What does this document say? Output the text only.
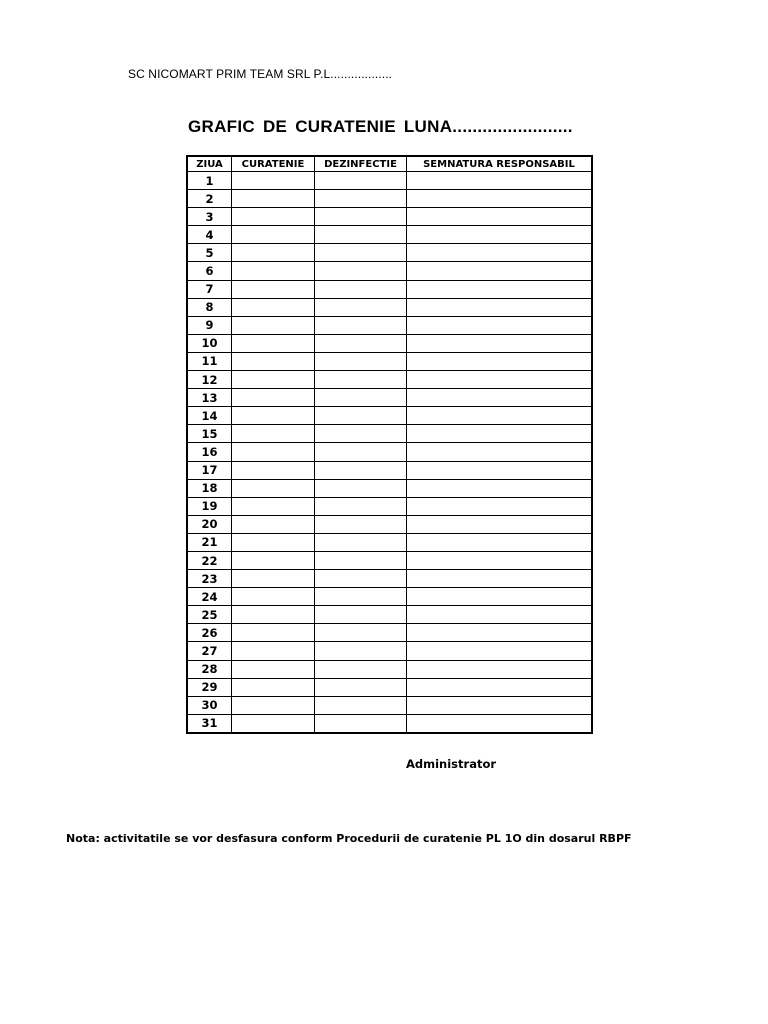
SC NICOMART PRIM TEAM SRL P.L..................
GRAFIC DE CURATENIE LUNA........................
ZIUA	CURATENIE	DEZINFECTIE	SEMNATURA RESPONSABIL
1			
2			
3			
4			
5			
6			
7			
8			
9			
10			
11			
12			
13			
14			
15			
16			
17			
18			
19			
20			
21			
22			
23			
24			
25			
26			
27			
28			
29			
30			
31			
Administrator
Nota: activitatile se vor desfasura conform Procedurii de curatenie PL 1O din dosarul RBPF
